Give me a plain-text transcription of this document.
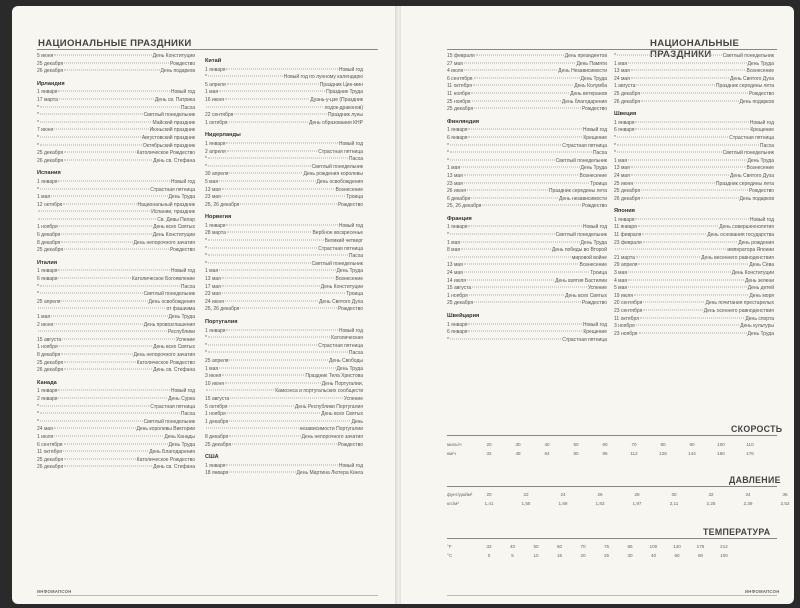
НАЦИОНАЛЬНЫЕ ПРАЗДНИКИ	НАЦИОНАЛЬНЫЕ ПРАЗДНИКИ
5 июня	День Конституции
25 декабря	Рождество
26 декабря	День подарков
Ирландия
1 января	Новый год
17 марта	День св. Патрика
*	Пасха
*	Светлый понедельник
*	Майский праздник
7 июня	Июньский праздник
*	Августовский праздник
*	Октябрьский праздник
25 декабря	Католическое Рождество
26 декабря	День св. Стефана
Испания
1 января	Новый год
*	Страстная пятница
1 мая	День Труда
12 октября	Национальный праздник
Испании, праздник
Св. Девы Пилар
1 ноября	День всех Святых
6 декабря	День Конституции
8 декабря	День непорочного зачатия
25 декабря	Рождество
Италия
1 января	Новый год
6 января	Католическое Богоявление
*	Пасха
*	Светлый понедельник
25 апреля	День освобождения
от фашизма
1 мая	День Труда
2 июня	День провозглашения
Республики
15 августа	Успение
1 ноября	День всех Святых
8 декабря	День непорочного зачатия
25 декабря	Католическое Рождество
26 декабря	День св. Стефана
Канада
1 января	Новый год
2 января	День Сурка
*	Страстная пятница
*	Пасха
*	Светлый понедельник
24 мая	День королевы Виктории
1 июля	День Канады
6 сентября	День Труда
11 октября	День Благодарения
25 декабря	Католическое Рождество
26 декабря	День св. Стефана
Китай
1 января	Новый год
*	Новый год по лунному календарю
5 апреля	Праздник Цин-мин
1 мая	Праздник Труда
16 июня	Дуань-у-цзе (Праздник
лодок-драконов)
22 сентября	Праздник луны
1 октября	День образования КНР
Нидерланды
1 января	Новый год
2 апреля	Страстная пятница
*	Пасха
*	Светлый понедельник
30 апреля	День рождения королевы
5 мая	День освобождения
13 мая	Вознесение
23 мая	Троица
25, 26 декабря	Рождество
Норвегия
1 января	Новый год
28 марта	Вербное воскресенье
*	Великий четверг
*	Страстная пятница
*	Пасха
*	Светлый понедельник
1 мая	День Труда
13 мая	Вознесение
17 мая	День Конституции
23 мая	Троица
24 июня	День Святого Духа
25, 26 декабря	Рождество
Португалия
1 января	Новый год
*	Католическая
*	Страстная пятница
*	Пасха
25 апреля	День Свободы
1 мая	День Труда
3 июня	Праздник Тела Христова
10 июня	День Португалии,
Камоэнса и португальских сообществ
15 августа	Успение
5 октября	День Республики Португалия
1 ноября	День всех Святых
1 декабря	День
независимости Португалии
8 декабря	День непорочного зачатия
25 декабря	Рождество
США
1 января	Новый год
18 января	День Мартина Лютера Кинга
15 февраля	День президентов
27 мая	День Памяти
4 июля	День Независимости
6 сентября	День Труда
11 октября	День Колумба
11 ноября	День ветеранов
25 ноября	День благодарения
25 декабря	Рождество
Финляндия
1 января	Новый год
6 января	Крещение
*	Страстная пятница
*	Пасха
*	Светлый понедельник
1 мая	День Труда
13 мая	Вознесение
23 мая	Троица
26 июня	Праздник середины лета
6 декабря	День независимости
25, 26 декабря	Рождество
Франция
1 января	Новый год
*	Светлый понедельник
1 мая	День Труда
8 мая	День победы во Второй
мировой войне
13 мая	Вознесение
24 мая	Троица
14 июля	День взятия Бастилии
15 августа	Успение
1 ноября	День всех Святых
25 декабря	Рождество
Швейцария
1 января	Новый год
6 января	Крещение
*	Страстная пятница
*	Светлый понедельник
1 мая	День Труда
13 мая	Вознесение
24 мая	День Святого Духа
1 августа	Праздник середины лета
25 декабря	Рождество
26 декабря	День подарков
Швеция
1 января	Новый год
6 января	Крещение
*	Страстная пятница
*	Пасха
*	Светлый понедельник
1 мая	День Труда
13 мая	Вознесение
24 мая	День Святого Духа
25 июня	Праздник середины лета
25 декабря	Рождество
26 декабря	День подарков
Япония
1 января	Новый год
11 января	День совершеннолетия
11 февраля	День основания государства
23 февраля	День рождения
императора Японии
21 марта	День весеннего равноденствия
29 апреля	День Сёва
3 мая	День Конституции
4 мая	День зелени
5 мая	День детей
19 июля	День моря
20 сентября	День почитания престарелых
23 сентября	День осеннего равноденствия
11 октября	День спорта
3 ноября	День культуры
23 ноября	День Труда
СКОРОСТЬ
миль/ч	20	30	40	50	60	70	80	90	100	110
км/ч	32	48	64	80	96	112	128	144	160	176
ДАВЛЕНИЕ
фунт/дюйм²	20	22	24	26	28	30	32	34	36
кгс/м²	1,41	1,55	1,69	1,83	1,97	2,11	2,25	2,39	2,53
ТЕМПЕРАТУРА
°F	32	40	50	60	70	75	85	100	140	175	212
°C	0	5	10	15	20	25	30	40	60	80	100
ИНФОМАПСОН	ИНФОМАПСОН
